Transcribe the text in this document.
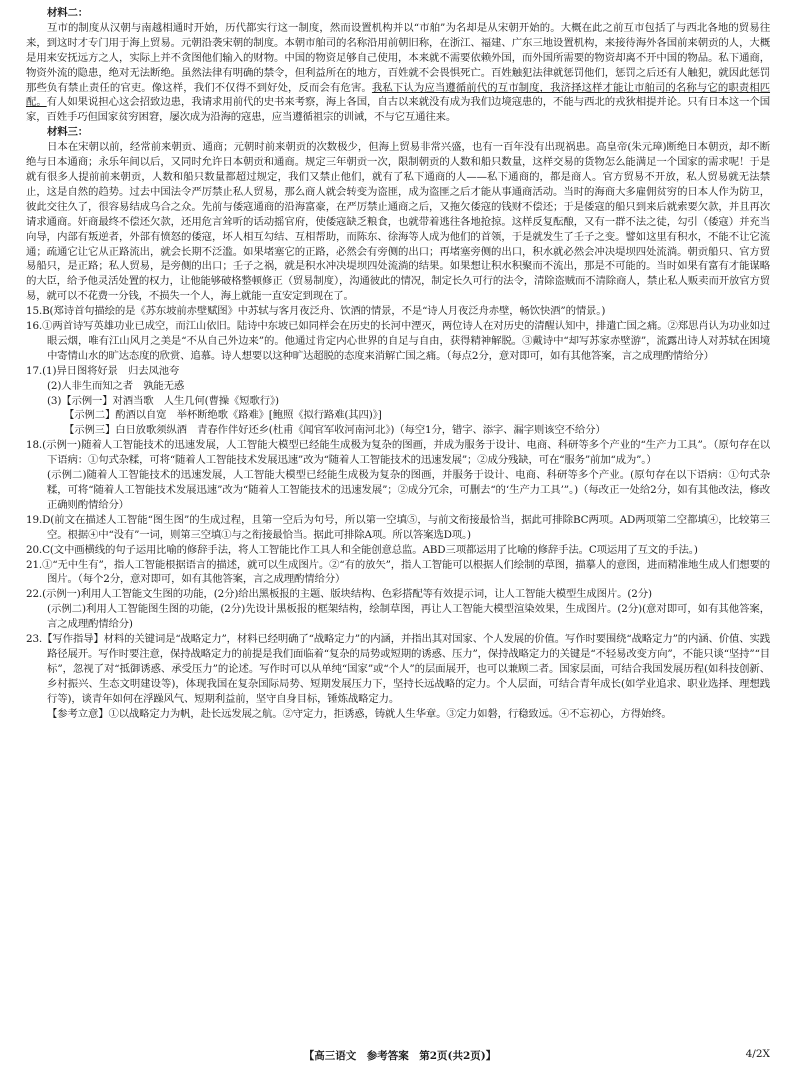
材料二：

互市的制度从汉朝与南越相通时开始，历代都实行这一制度，然而设置机构并以“市舶”为名却是从宋朝开始的。大概在此之前互市包括了与西北各地的贸易往来，到这时才专门用于海上贸易。元朝沿袭宋朝的制度。本朝市舶司的名称沿用前朝旧称，在浙江、福建、广东三地设置机构，来接待海外各国前来朝贡的人，大概是用来安抚远方之人，实际上并不贪图他们输入的财物。中国的物资足够自己使用，本来就不需要依赖外国，而外国所需要的物资却离不开中国的物品。私下通商，物资外流的隐患，绝对无法断绝。虽然法律有明确的禁令，但利益所在的地方，百姓就不会畏惧死亡。百姓触犯法律就惩罚他们，惩罚之后还有人触犯，就因此惩罚那些负有禁止责任的官吏。像这样，我们不仅得不到好处，反而会有危害。我私下认为应当遵循前代的互市制度，我济择这样才能让市舶司的名称与它的职责相匹配。有人如果说担心这会招致边患，我请求用前代的史书来考察，海上各国，自古以来就没有成为我们边境寇患的，不能与西北的戎狄相提并论。只有日本这一个国家，百姓手巧但国家贫穷困窘，屡次成为沿海的寇患，应当遵循祖宗的训诫，不与它互通往来。

材料三：

日本在宋朝以前，经常前来朝贡、通商；元朝时前来朝贡的次数极少，但海上贸易非常兴盛，也有一百年没有出现祸患。高皇帝(朱元璋)断绝日本朝贡，却不断绝与日本通商；永乐年间以后，又同时允许日本朝贡和通商。规定三年朝贡一次，限制朝贡的人数和船只数量，这样交易的货物怎么能满足一个国家的需求呢！于是就有很多人提前前来朝贡，人数和船只数量都超过规定，我们又禁止他们，就有了私下通商的人——私下通商的，都是商人。官方贸易不开放，私人贸易就无法禁止，这是自然的趋势。过去中国法令严厉禁止私人贸易，那么商人就会转变为盗匪，成为盗匪之后才能从事通商活动。当时的海商大多雇佣贫穷的日本人作为防卫，彼此交往久了，很容易结成乌合之众。先前与倭寇通商的沿海富豪，在严厉禁止通商之后，又拖欠倭寇的钱财不偿还；于是倭寇的船只到来后就索要欠款，并且再次请求通商。奸商最终不偿还欠款，还用危言耸听的话动摇官府，使倭寇缺乏粮食，也就带着逃往各地抢掠。这样反复酝酿，又有一群不法之徒，勾引（倭寇）并充当向导，内部有叛逆者，外部有愤怒的倭寇，坏人相互勾结、互相帮助，而陈东、徐海等人成为他们的首领，于是就发生了壬子之变。譬如这里有积水，不能不让它流通；疏通它让它从正路流出，就会长期不泛滥。如果堵塞它的正路，必然会有旁侧的出口；再堵塞旁侧的出口，积水就必然会冲决堤坝四处流淌。朝贡船只、官方贸易船只，是正路；私人贸易，是旁侧的出口；壬子之祸，就是积水冲决堤坝四处流淌的结果。如果想让积水积聚而不流出，那是不可能的。当时如果有富有才能谋略的大臣，给予他灵活处置的权力，让他能够破格整顿修正（贸易制度），沟通彼此的情况，制定长久可行的法令，清除盗贼而不清除商人，禁止私人贩卖而开放官方贸易，就可以不花费一分钱，不损失一个人，海上就能一直安定到现在了。

15.B(郑诗首句描绘的是《苏东坡前赤壁赋图》中苏轼与客月夜泛舟、饮酒的情景，不是“诗人月夜泛舟赤壁，畅饮快酒”的情景。)

16.①两首诗写英雄功业已成空，而江山依旧。陆诗中东坡已如同样会在历史的长河中湮灭，两位诗人在对历史的清醒认知中，排遣亡国之痛。②郑思肖认为功业如过眼云烟，唯有江山风月之美是“不从自己外边来”的。他通过肯定内心世界的自足与自由，获得精神解脱。③戴诗中“却写苏家赤壁游”，流露出诗人对苏轼在困境中寄情山水的旷达态度的欣赏、追慕。诗人想要以这种旷达超脱的态度来消解亡国之痛。（每点2分，意对即可，如有其他答案，言之成理酌情给分）

17.(1)异日图将好景　归去凤池夸

(2)人非生而知之者　孰能无惑

(3)【示例一】对酒当歌　人生几何(曹操《短歌行》)

【示例二】酌酒以自宽　举杯断绝歌《路难》[鲍照《拟行路难(其四)》]

【示例三】白日放歌须纵酒　青春作伴好还乡(杜甫《闻官军收河南河北》)（每空1分，错字、添字、漏字则该空不给分）

18.(示例一)随着人工智能技术的迅速发展，人工智能大模型已经能生成极为复杂的图画，并成为服务于设计、电商、科研等多个产业的“生产力工具”。（原句存在以下语病：①句式杂糅，可将“随着人工智能技术发展迅速”改为“随着人工智能技术的迅速发展”；②成分残缺，可在“服务”前加“成为”。）

(示例二)随着人工智能技术的迅速发展，人工智能大模型已经能生成极为复杂的图画，并服务于设计、电商、科研等多个产业。(原句存在以下语病：①句式杂糅，可将“随着人工智能技术发展迅速”改为“随着人工智能技术的迅速发展”；②成分冗余，可删去“的‘生产力工具’”。)（每改正一处给2分，如有其他改法，修改正确则酌情给分）

19.D(前文在描述人工智能“图生图”的生成过程，且第一空后为句号，所以第一空填⑤，与前文衔接最恰当，据此可排除BC两项。AD两项第二空都填④，比较第三空。根据④中“没有”一词，则第三空填①与之衔接最恰当。据此可排除A项。所以答案选D项。)

20.C(文中画横线的句子运用比喻的修辞手法，将人工智能比作工具人和全能创意总监。ABD三项都运用了比喻的修辞手法。C项运用了互文的手法。)

21.①“无中生有”，指人工智能根据语言的描述，就可以生成图片。②“有的放矢”，指人工智能可以根据人们绘制的草图，描摹人的意图，进而精准地生成人们想要的图片。（每个2分，意对即可，如有其他答案，言之成理酌情给分）

22.(示例一)利用人工智能文生图的功能，(2分)给出黑板报的主题、版块结构、色彩搭配等有效提示词，让人工智能大模型生成图片。(2分)

(示例二)利用人工智能图生图的功能，(2分)先设计黑板报的框架结构，绘制草图，再让人工智能大模型渲染效果，生成图片。(2分)(意对即可，如有其他答案，言之成理酌情给分)

23.【写作指导】材料的关键词是“战略定力”，材料已经明确了“战略定力”的内涵，并指出其对国家、个人发展的价值。写作时要围绕“战略定力”的内涵、价值、实践路径展开。写作时要注意，保持战略定力的前提是我们面临着“复杂的局势或短期的诱惑、压力”，保持战略定力的关键是“不轻易改变方向”，不能只谈“坚持”“目标”，忽视了对“抵御诱惑、承受压力”的论述。写作时可以从单纯“国家”或“个人”的层面展开，也可以兼顾二者。国家层面，可结合我国发展历程(如科技创新、乡村振兴、生态文明建设等)，体现我国在复杂国际局势、短期发展压力下，坚持长远战略的定力。个人层面，可结合青年成长(如学业追求、职业选择、理想践行等)，谈青年如何在浮躁风气、短期利益前，坚守自身目标，锤炼战略定力。

【参考立意】①以战略定力为帆，赴长远发展之航。②守定力，拒诱惑，铸就人生华章。③定力如磐，行稳致远。④不忘初心，方得始终。

【高三语文　参考答案　第2页(共2页)】	4/2X
